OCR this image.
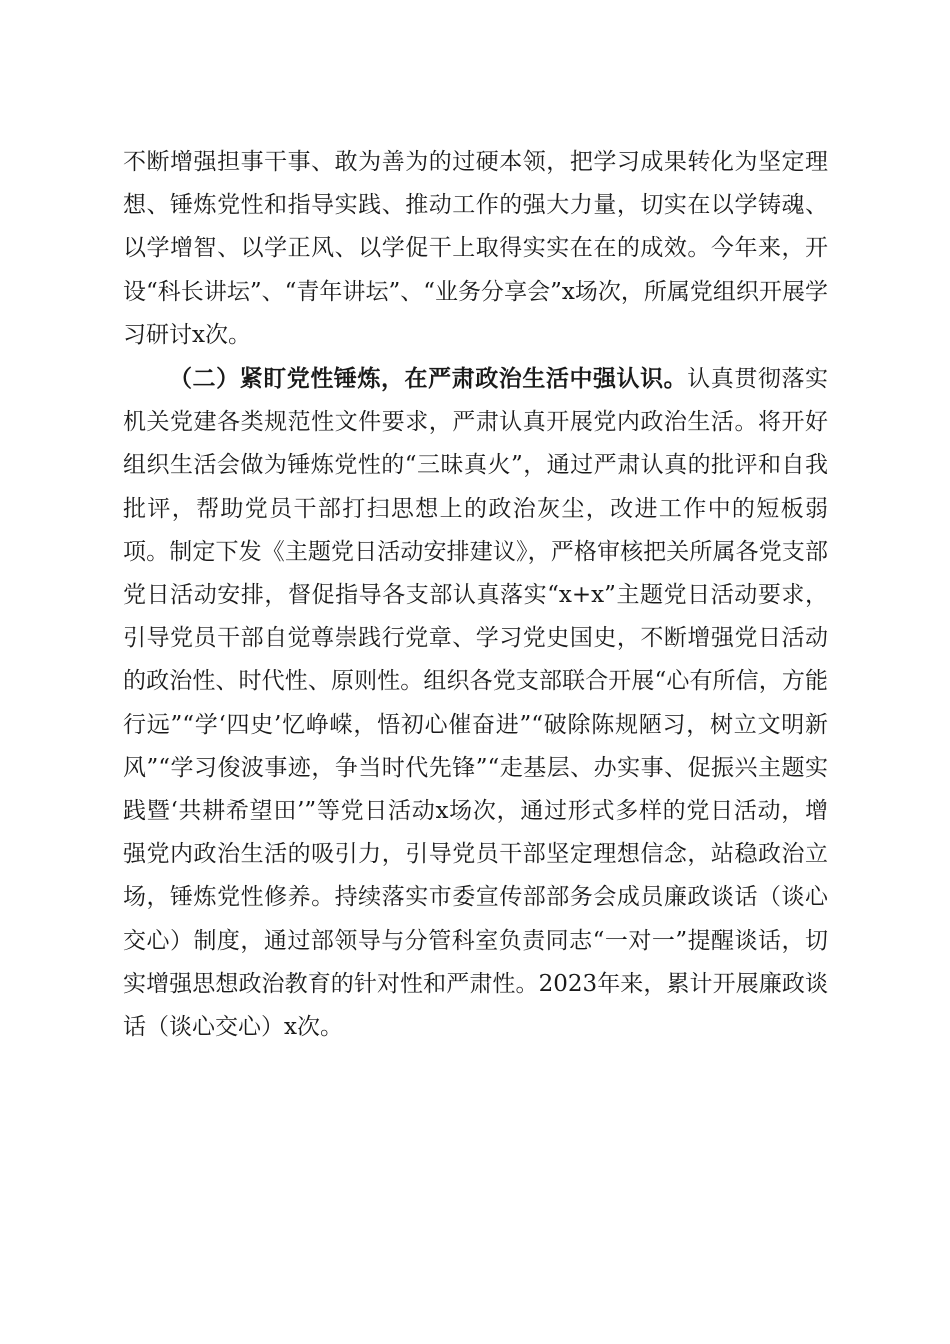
不断增强担事干事、敢为善为的过硬本领，把学习成果转化为坚定理想、锤炼党性和指导实践、推动工作的强大力量，切实在以学铸魂、以学增智、以学正风、以学促干上取得实实在在的成效。今年来，开设“科长讲坛”、“青年讲坛”、“业务分享会”x场次，所属党组织开展学习研讨x次。

（二）紧盯党性锤炼，在严肃政治生活中强认识。认真贯彻落实机关党建各类规范性文件要求，严肃认真开展党内政治生活。将开好组织生活会做为锤炼党性的“三昧真火”，通过严肃认真的批评和自我批评，帮助党员干部打扫思想上的政治灰尘，改进工作中的短板弱项。制定下发《主题党日活动安排建议》，严格审核把关所属各党支部党日活动安排，督促指导各支部认真落实“x+x”主题党日活动要求，引导党员干部自觉尊崇践行党章、学习党史国史，不断增强党日活动的政治性、时代性、原则性。组织各党支部联合开展“心有所信，方能行远”“学‘四史’忆峥嵘，悟初心催奋进”“破除陈规陋习，树立文明新风”“学习俊波事迹，争当时代先锋”“走基层、办实事、促振兴主题实践暨‘共耕希望田’”等党日活动x场次，通过形式多样的党日活动，增强党内政治生活的吸引力，引导党员干部坚定理想信念，站稳政治立场，锤炼党性修养。持续落实市委宣传部部务会成员廉政谈话（谈心交心）制度，通过部领导与分管科室负责同志“一对一”提醒谈话，切实增强思想政治教育的针对性和严肃性。2023年来，累计开展廉政谈话（谈心交心）x次。
